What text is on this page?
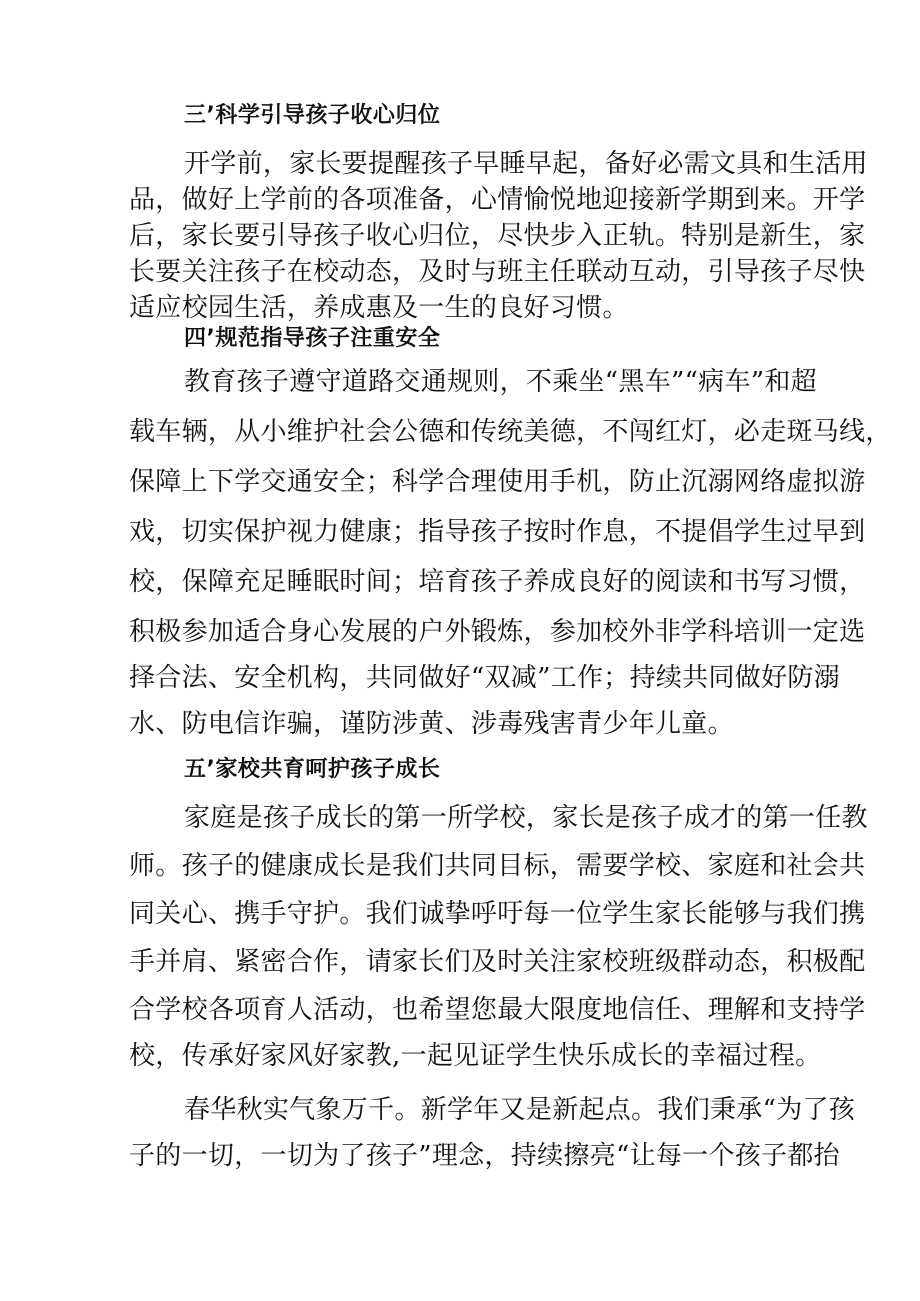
三’科学引导孩子收心归位
开学前，家长要提醒孩子早睡早起，备好必需文具和生活用
品，做好上学前的各项准备，心情愉悦地迎接新学期到来。开学
后，家长要引导孩子收心归位，尽快步入正轨。特别是新生，家
长要关注孩子在校动态，及时与班主任联动互动，引导孩子尽快
适应校园生活，养成惠及一生的良好习惯。
四’规范指导孩子注重安全
教育孩子遵守道路交通规则，不乘坐“黑车”“病车”和超
载车辆，从小维护社会公德和传统美德，不闯红灯，必走斑马线，
保障上下学交通安全；科学合理使用手机，防止沉溺网络虚拟游
戏，切实保护视力健康；指导孩子按时作息，不提倡学生过早到
校，保障充足睡眠时间；培育孩子养成良好的阅读和书写习惯，
积极参加适合身心发展的户外锻炼，参加校外非学科培训一定选
择合法、安全机构，共同做好“双减”工作；持续共同做好防溺
水、防电信诈骗，谨防涉黄、涉毒残害青少年儿童。
五’家校共育呵护孩子成长
家庭是孩子成长的第一所学校，家长是孩子成才的第一任教
师。孩子的健康成长是我们共同目标，需要学校、家庭和社会共
同关心、携手守护。我们诚挚呼吁每一位学生家长能够与我们携
手并肩、紧密合作，请家长们及时关注家校班级群动态，积极配
合学校各项育人活动，也希望您最大限度地信任、理解和支持学
校，传承好家风好家教,一起见证学生快乐成长的幸福过程。
春华秋实气象万千。新学年又是新起点。我们秉承“为了孩
子的一切，一切为了孩子”理念，持续擦亮“让每一个孩子都抬
